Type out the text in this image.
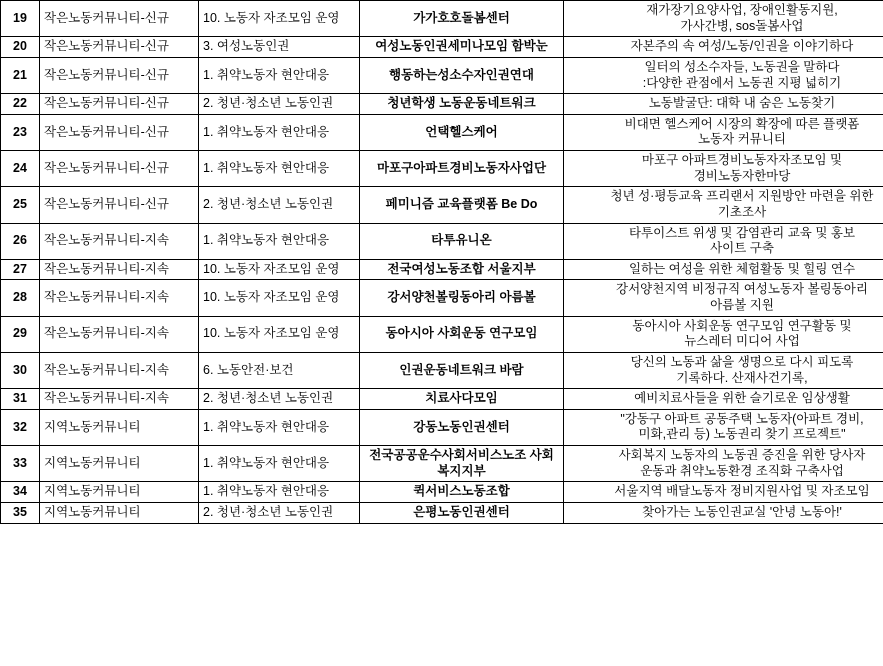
19	작은노동커뮤니티-신규	10. 노동자 자조모임 운영	가가호호돌봄센터	재가장기요양사업, 장애인활동지원,
가사간병, sos돌봄사업
20	작은노동커뮤니티-신규	3. 여성노동인권	여성노동인권세미나모임 함박눈	자본주의 속 여성/노동/인권을 이야기하다
21	작은노동커뮤니티-신규	1. 취약노동자 현안대응	행동하는성소수자인권연대	일터의 성소수자들, 노동권을 말하다
:다양한 관점에서 노동권 지평 넓히기
22	작은노동커뮤니티-신규	2. 청년·청소년 노동인권	청년학생 노동운동네트워크	노동발굴단: 대학 내 숨은 노동찾기
23	작은노동커뮤니티-신규	1. 취약노동자 현안대응	언택헬스케어	비대면 헬스케어 시장의 확장에 따른 플랫폼
노동자 커뮤니티
24	작은노동커뮤니티-신규	1. 취약노동자 현안대응	마포구아파트경비노동자사업단	마포구 아파트경비노동자자조모임 및
경비노동자한마당
25	작은노동커뮤니티-신규	2. 청년·청소년 노동인권	페미니즘 교육플랫폼 Be Do	청년 성·평등교육 프리랜서 지원방안 마련을 위한
기초조사
26	작은노동커뮤니티-지속	1. 취약노동자 현안대응	타투유니온	타투이스트 위생 및 감염관리 교육 및 홍보
사이트 구축
27	작은노동커뮤니티-지속	10. 노동자 자조모임 운영	전국여성노동조합 서울지부	일하는 여성을 위한 체험활동 및 힐링 연수
28	작은노동커뮤니티-지속	10. 노동자 자조모임 운영	강서양천볼링동아리 아름볼	강서양천지역 비정규직 여성노동자 볼링동아리
아름볼 지원
29	작은노동커뮤니티-지속	10. 노동자 자조모임 운영	동아시아 사회운동 연구모임	동아시아 사회운동 연구모임 연구활동 및
뉴스레터 미디어 사업
30	작은노동커뮤니티-지속	6. 노동안전·보건	인권운동네트워크 바람	당신의 노동과 삶을 생명으로 다시 피도록
기록하다. 산재사건기록,
31	작은노동커뮤니티-지속	2. 청년·청소년 노동인권	치료사다모임	예비치료사들을 위한 슬기로운 임상생활
32	지역노동커뮤니티	1. 취약노동자 현안대응	강동노동인권센터	"강동구 아파트 공동주택 노동자(아파트 경비,
미화,관리 등) 노동권리 찾기 프로젝트"
33	지역노동커뮤니티	1. 취약노동자 현안대응	전국공공운수사회서비스노조 사회복지지부	사회복지 노동자의 노동권 증진을 위한 당사자
운동과 취약노동환경 조직화 구축사업
34	지역노동커뮤니티	1. 취약노동자 현안대응	퀵서비스노동조합	서울지역 배달노동자 정비지원사업 및 자조모임
35	지역노동커뮤니티	2. 청년·청소년 노동인권	은평노동인권센터	찾아가는 노동인권교실 '안녕 노동아!'
